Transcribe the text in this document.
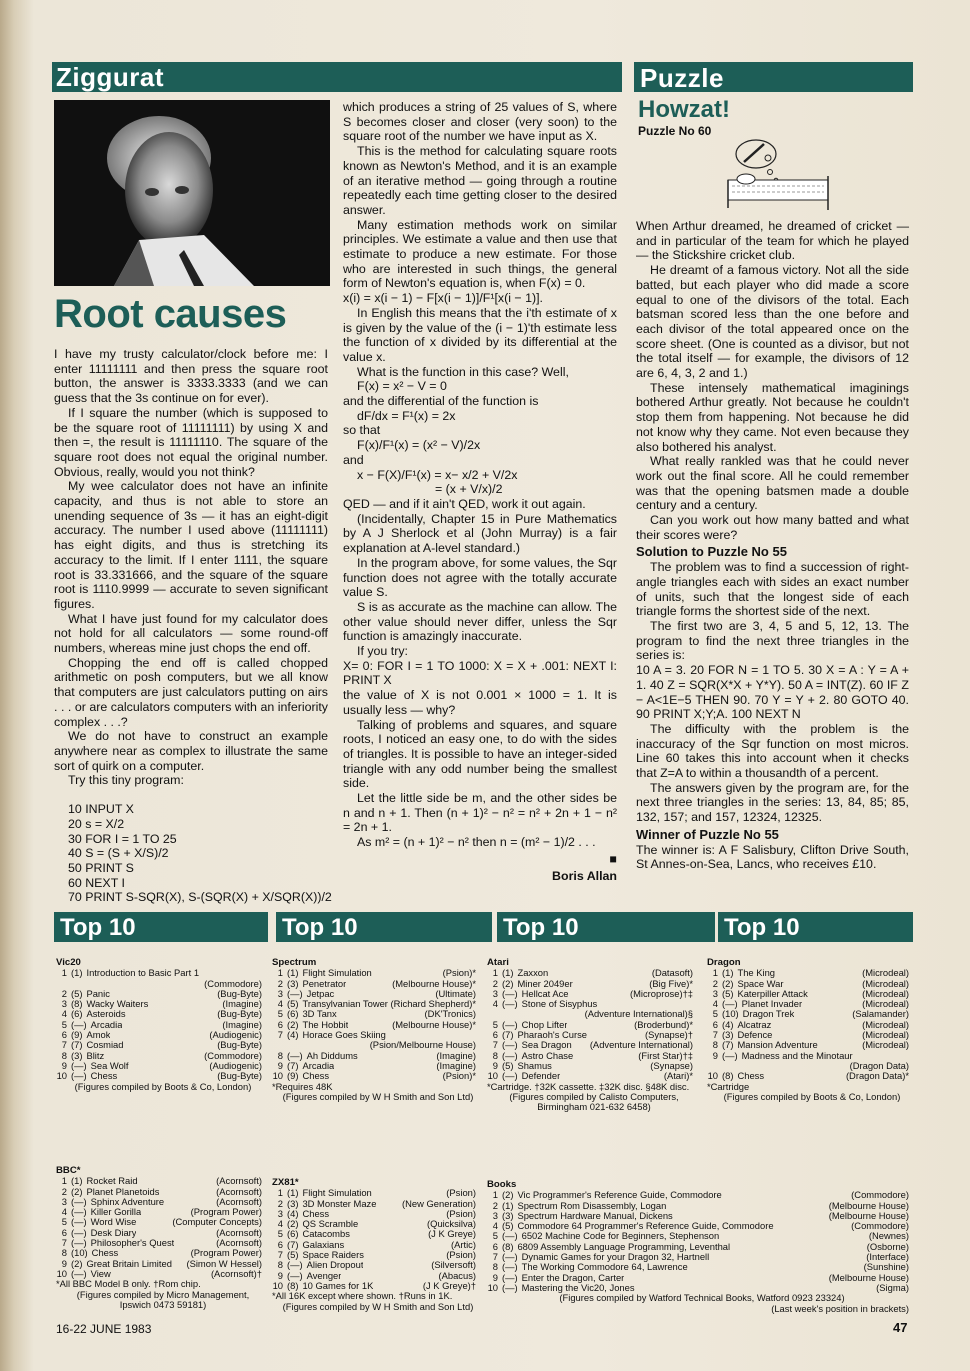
Ziggurat	Puzzle
Root causes

I have my trusty calculator/clock before me: I enter 11111111 and then press the square root button, the answer is 3333.3333 (and we can guess that the 3s continue on for ever).

If I square the number (which is supposed to be the square root of 11111111) by using X and then =, the result is 11111110. The square of the square root does not equal the original number. Obvious, really, would you not think?

My wee calculator does not have an infinite capacity, and thus is not able to store an unending sequence of 3s — it has an eight-digit accuracy. The number I used above (11111111) has eight digits, and thus is stretching its accuracy to the limit. If I enter 1111, the square root is 33.331666, and the square of the square root is 1110.9999 — accurate to seven significant figures.

What I have just found for my calculator does not hold for all calculators — some round-off numbers, whereas mine just chops the end off.

Chopping the end off is called chopped arithmetic on posh computers, but we all know that computers are just calculators putting on airs . . . or are calculators computers with an inferiority complex . . .?

We do not have to construct an example anywhere near as complex to illustrate the same sort of quirk on a computer.

Try this tiny program:

10 INPUT X

20 s = X/2

30 FOR I = 1 TO 25

40 S = (S + X/S)/2

50 PRINT S

60 NEXT I

70 PRINT S-SQR(X), S-(SQR(X) + X/SQR(X))/2

which produces a string of 25 values of S, where S becomes closer and closer (very soon) to the square root of the number we have input as X.

This is the method for calculating square roots known as Newton's Method, and it is an example of an iterative method — going through a routine repeatedly each time getting closer to the desired answer.

Many estimation methods work on similar principles. We estimate a value and then use that estimate to produce a new estimate. For those who are interested in such things, the general form of Newton's equation is, when F(x) = 0.

x(i) = x(i − 1) − F[x(i − 1)]/F¹[x(i − 1)].

In English this means that the i'th estimate of x is given by the value of the (i − 1)'th estimate less the function of x divided by its differential at the value x.

What is the function in this case? Well,

F(x) = x² − V = 0

and the differential of the function is

dF/dx = F¹(x) = 2x

so that

F(x)/F¹(x) = (x² − V)/2x

and

x − F(X)/F¹(x) = x− x/2 + V/2x

= (x + V/x)/2

QED — and if it ain't QED, work it out again.

(Incidentally, Chapter 15 in Pure Mathematics by A J Sherlock et al (John Murray) is a fair explanation at A-level standard.)

In the program above, for some values, the Sqr function does not agree with the totally accurate value S.

S is as accurate as the machine can allow. The other value should never differ, unless the Sqr function is amazingly inaccurate.

If you try:

X= 0: FOR I = 1 TO 1000: X = X + .001: NEXT I: PRINT X

the value of X is not 0.001 × 1000 = 1. It is usually less — why?

Talking of problems and squares, and square roots, I noticed an easy one, to do with the sides of triangles. It is possible to have an integer-sided triangle with any odd number being the smallest side.

Let the little side be m, and the other sides be n and n + 1. Then (n + 1)² − n² = n² + 2n + 1 − n² = 2n + 1.

As m² = (n + 1)² − n² then n = (m² − 1)/2 . . .

■

Boris Allan

Howzat!
Puzzle No 60

When Arthur dreamed, he dreamed of cricket — and in particular of the team for which he played — the Stickshire cricket club.

He dreamt of a famous victory. Not all the side batted, but each player who did made a score equal to one of the divisors of the total. Each batsman scored less than the one before and each divisor of the total appeared once on the score sheet. (One is counted as a divisor, but not the total itself — for example, the divisors of 12 are 6, 4, 3, 2 and 1.)

These intensely mathematical imaginings bothered Arthur greatly. Not because he couldn't stop them from happening. Not because he did not know why they came. Not even because they also bothered his analyst.

What really rankled was that he could never work out the final score. All he could remember was that the opening batsmen made a double century and a century.

Can you work out how many batted and what their scores were?

Solution to Puzzle No 55

The problem was to find a succession of right-angle triangles each with sides an exact number of units, such that the longest side of each triangle forms the shortest side of the next.

The first two are 3, 4, 5 and 5, 12, 13. The program to find the next three triangles in the series is:

10 A = 3. 20 FOR N = 1 TO 5. 30 X = A : Y = A + 1. 40 Z = SQR(X*X + Y*Y). 50 A = INT(Z). 60 IF Z − A<1E−5 THEN 90. 70 Y = Y + 2. 80 GOTO 40. 90 PRINT X;Y;A. 100 NEXT N

The difficulty with the problem is the inaccuracy of the Sqr function on most micros. Line 60 takes this into account when it checks that Z=A to within a thousandth of a percent.

The answers given by the program are, for the next three triangles in the series: 13, 84, 85; 85, 132, 157; and 157, 12324, 12325.

Winner of Puzzle No 55

The winner is: A F Salisbury, Clifton Drive South, St Annes-on-Sea, Lancs, who receives £10.

Top 10	Top 10	Top 10	Top 10
Vic20
1 (1) Introduction to Basic Part 1
(Commodore)
2 (5) Panic	(Bug-Byte)
3 (8) Wacky Waiters	(Imagine)
4 (6) Asteroids	(Bug-Byte)
5 (—) Arcadia	(Imagine)
6 (9) Amok	(Audiogenic)
7 (7) Cosmiad	(Bug-Byte)
8 (3) Blitz	(Commodore)
9 (—) Sea Wolf	(Audiogenic)
10 (—) Chess	(Bug-Byte)
(Figures compiled by Boots & Co, London)
Spectrum
1 (1) Flight Simulation	(Psion)*
2 (3) Penetrator	(Melbourne House)*
3 (—) Jetpac	(Ultimate)
4 (5) Transylvanian Tower (Richard Shepherd)*
5 (6) 3D Tanx	(DK'Tronics)
6 (2) The Hobbit	(Melbourne House)*
7 (4) Horace Goes Skiing
(Psion/Melbourne House)
8 (—) Ah Diddums	(Imagine)
9 (7) Arcadia	(Imagine)
10 (9) Chess	(Psion)*
*Requires 48K
(Figures compiled by W H Smith and Son Ltd)
Atari
1 (1) Zaxxon	(Datasoft)
2 (2) Miner 2049er	(Big Five)*
3 (—) Hellcat Ace	(Microprose)†‡
4 (—) Stone of Sisyphus
(Adventure International)§
5 (—) Chop Lifter	(Broderbund)*
6 (7) Pharaoh's Curse	(Synapse)†
7 (—) Sea Dragon	(Adventure International)
8 (—) Astro Chase	(First Star)†‡
9 (5) Shamus	(Synapse)
10 (—) Defender	(Atari)*
*Cartridge. †32K cassette. ‡32K disc. §48K disc.
(Figures compiled by Calisto Computers, Birmingham 021-632 6458)
Dragon
1 (1) The King	(Microdeal)
2 (2) Space War	(Microdeal)
3 (5) Katerpiller Attack	(Microdeal)
4 (—) Planet Invader	(Microdeal)
5 (10) Dragon Trek	(Salamander)
6 (4) Alcatraz	(Microdeal)
7 (3) Defence	(Microdeal)
8 (7) Mansion Adventure	(Microdeal)
9 (—) Madness and the Minotaur
(Dragon Data)
10 (8) Chess	(Dragon Data)*
*Cartridge
(Figures compiled by Boots & Co, London)
BBC*
1 (1) Rocket Raid	(Acornsoft)
2 (2) Planet Planetoids	(Acornsoft)
3 (—) Sphinx Adventure	(Acornsoft)
4 (—) Killer Gorilla	(Program Power)
5 (—) Word Wise	(Computer Concepts)
6 (—) Desk Diary	(Acornsoft)
7 (—) Philosopher's Quest	(Acornsoft)
8 (10) Chess	(Program Power)
9 (2) Great Britain Limited	(Simon W Hessel)
10 (—) View	(Acornsoft)†
*All BBC Model B only. †Rom chip.
(Figures compiled by Micro Management, Ipswich 0473 59181)
ZX81*
1 (1) Flight Simulation	(Psion)
2 (3) 3D Monster Maze	(New Generation)
3 (4) Chess	(Psion)
4 (2) QS Scramble	(Quicksilva)
5 (6) Catacombs	(J K Greye)
6 (7) Galaxians	(Artic)
7 (5) Space Raiders	(Psion)
8 (—) Alien Dropout	(Silversoft)
9 (—) Avenger	(Abacus)
10 (8) 10 Games for 1K	(J K Greye)†
*All 16K except where shown. †Runs in 1K.
(Figures compiled by W H Smith and Son Ltd)
Books
1 (2) Vic Programmer's Reference Guide, Commodore	(Commodore)
2 (1) Spectrum Rom Disassembly, Logan	(Melbourne House)
3 (3) Spectrum Hardware Manual, Dickens	(Melbourne House)
4 (5) Commodore 64 Programmer's Reference Guide, Commodore	(Commodore)
5 (—) 6502 Machine Code for Beginners, Stephenson	(Newnes)
6 (8) 6809 Assembly Language Programming, Leventhal	(Osborne)
7 (—) Dynamic Games for your Dragon 32, Hartnell	(Interface)
8 (—) The Working Commodore 64, Lawrence	(Sunshine)
9 (—) Enter the Dragon, Carter	(Melbourne House)
10 (—) Mastering the Vic20, Jones	(Sigma)
(Figures compiled by Watford Technical Books, Watford 0923 23324)
(Last week's position in brackets)
16-22 JUNE 1983	47
